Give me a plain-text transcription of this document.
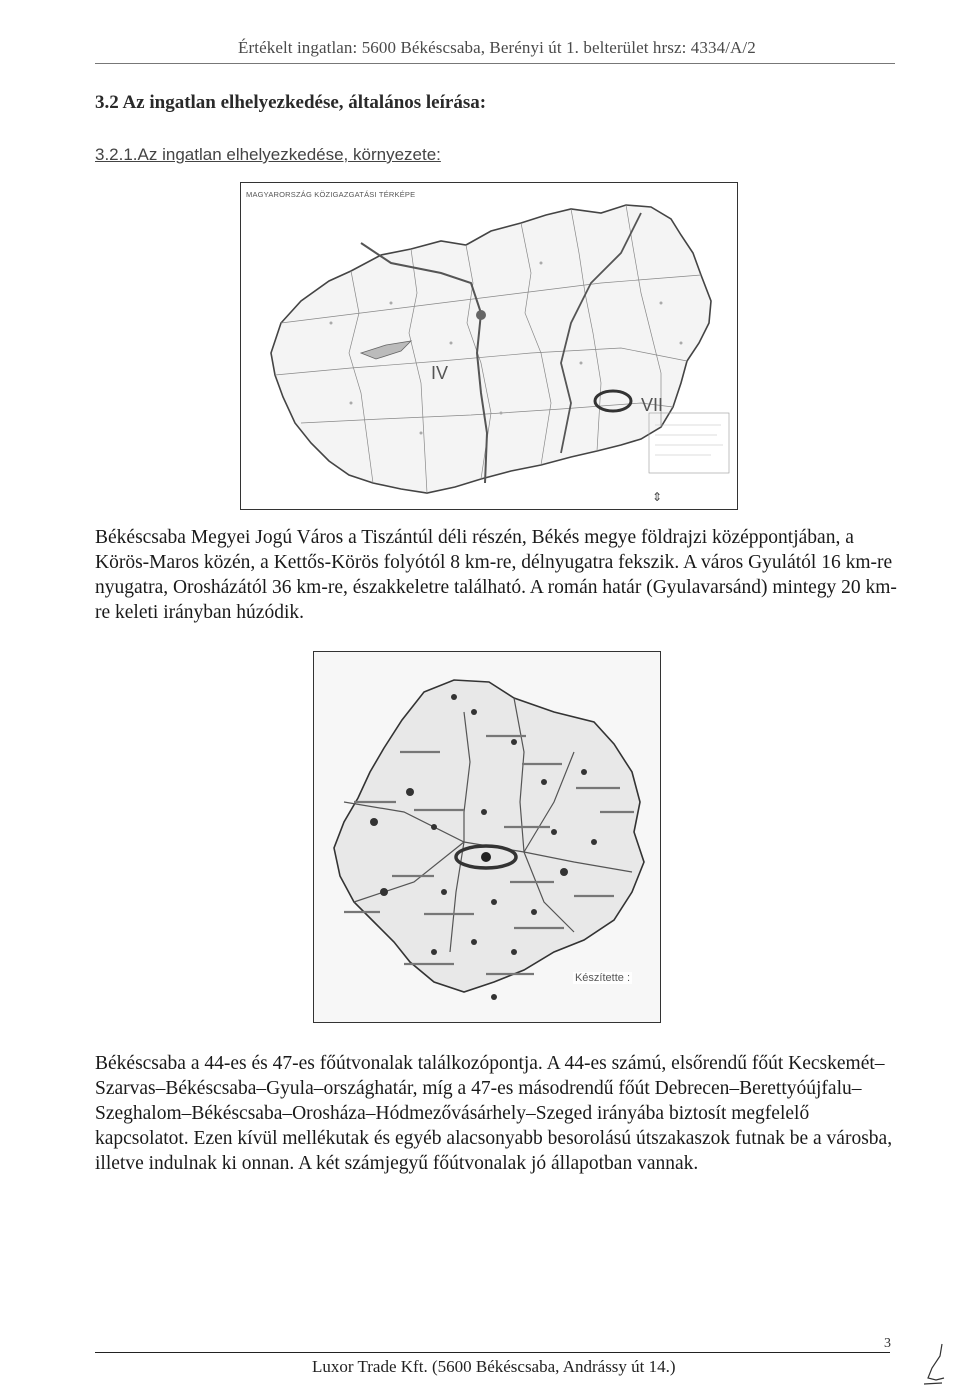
Értékelt ingatlan: 5600 Békéscsaba, Berényi út 1. belterület hrsz: 4334/A/2
3.2 Az ingatlan elhelyezkedése, általános leírása:
3.2.1.Az ingatlan elhelyezkedése, környezete:
MAGYARORSZÁG KÖZIGAZGATÁSI TÉRKÉPE
VII
IV
⇕
Békéscsaba Megyei Jogú Város a Tiszántúl déli részén, Békés megye földrajzi középpontjában, a Körös-Maros közén, a Kettős-Körös folyótól 8 km-re, délnyugatra fekszik. A város Gyulától 16 km-re nyugatra, Orosházától 36 km-re, északkeletre található. A román határ (Gyulavarsánd) mintegy 20 km-re keleti irányban húzódik.
Készítette :
Békéscsaba a 44-es és 47-es főútvonalak találkozópontja. A 44-es számú, elsőrendű főút Kecskemét–Szarvas–Békéscsaba–Gyula–országhatár, míg a 47-es másodrendű főút Debrecen–Berettyóújfalu–Szeghalom–Békéscsaba–Orosháza–Hódmezővásárhely–Szeged irányába biztosít megfelelő kapcsolatot. Ezen kívül mellékutak és egyéb alacsonyabb besorolású útszakaszok futnak be a városba, illetve indulnak ki onnan. A két számjegyű főútvonalak jó állapotban vannak.
3
Luxor Trade Kft. (5600 Békéscsaba, Andrássy út 14.)
